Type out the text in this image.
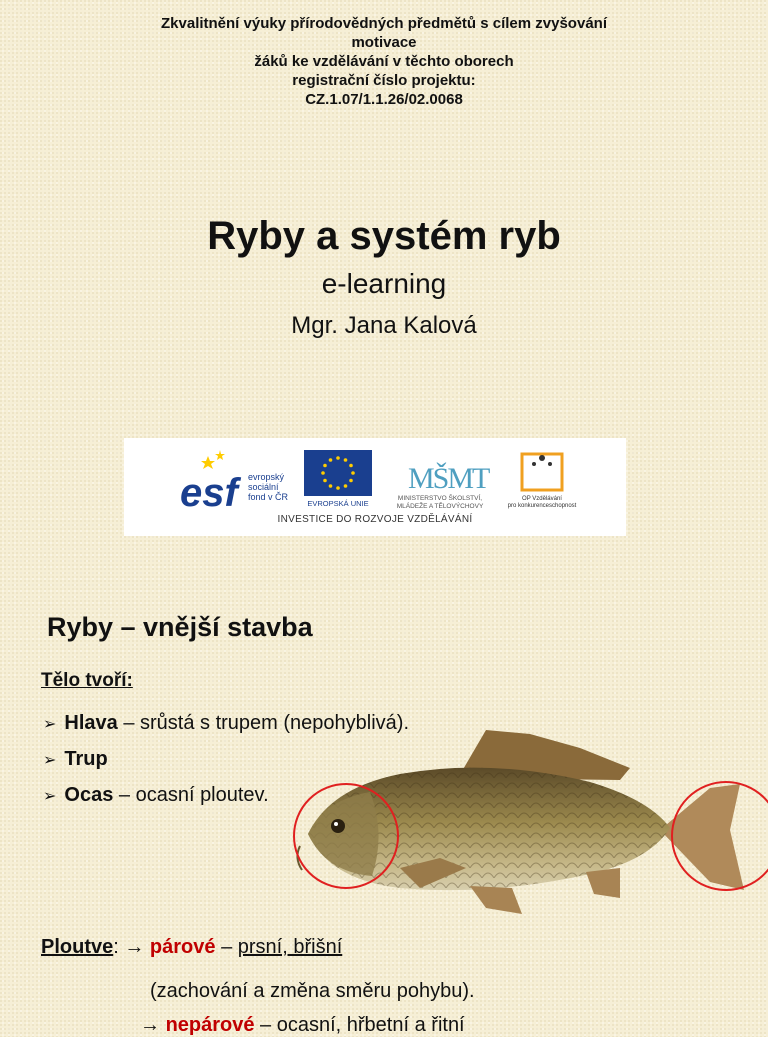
Zkvalitnění výuky přírodovědných předmětů s cílem zvyšování
motivace
žáků ke vzdělávání v těchto oborech
registrační číslo projektu:
CZ.1.07/1.1.26/02.0068
Ryby a systém ryb
e-learning
Mgr. Jana Kalová
esf	evropský
sociální
fond v ČR
EVROPSKÁ UNIE
MŠMT
MINISTERSTVO ŠKOLSTVÍ,
MLÁDEŽE A TĚLOVÝCHOVY
OP Vzdělávání
pro konkurenceschopnost
INVESTICE DO ROZVOJE VZDĚLÁVÁNÍ
Ryby – vnější stavba
Tělo tvoří:
➢ Hlava – srůstá s trupem (nepohyblivá).
➢ Trup
➢ Ocas – ocasní ploutev.
Ploutve: → párové – prsní, břišní
(zachování a změna směru pohybu).
→ nepárové – ocasní, hřbetní a řitní
